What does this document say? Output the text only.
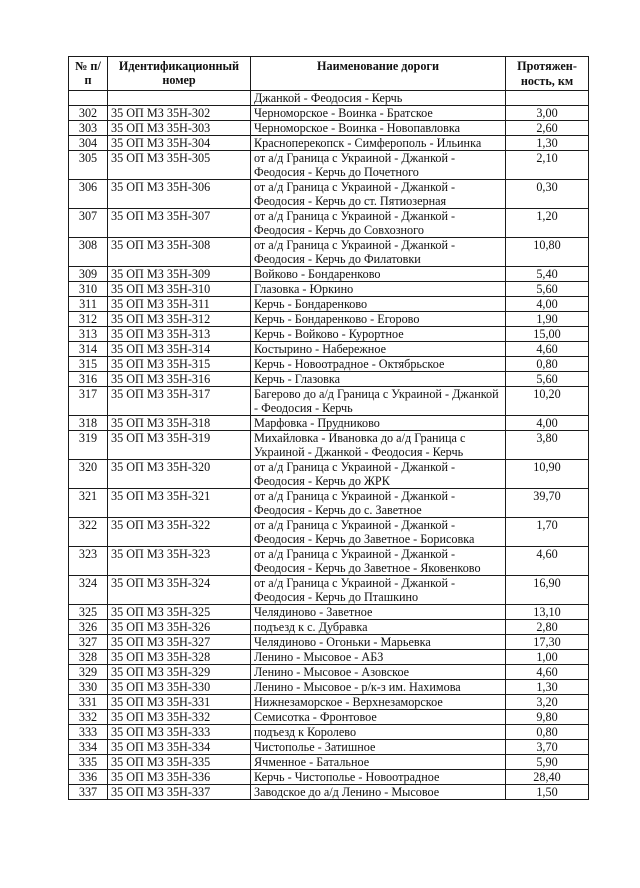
№ п/п	Идентификационный номер	Наименование дороги	Протяжен-ность, км
		Джанкой - Феодосия - Керчь	
302	35 ОП МЗ 35Н-302	Черноморское - Воинка - Братское	3,00
303	35 ОП МЗ 35Н-303	Черноморское - Воинка - Новопавловка	2,60
304	35 ОП МЗ 35Н-304	Краснoперекопск - Симферополь - Ильинка	1,30
305	35 ОП МЗ 35Н-305	от а/д Граница с Украиной - Джанкой - Феодосия - Керчь до Почетного	2,10
306	35 ОП МЗ 35Н-306	от а/д Граница с Украиной - Джанкой - Феодосия - Керчь до ст. Пятиозерная	0,30
307	35 ОП МЗ 35Н-307	от а/д Граница с Украиной - Джанкой - Феодосия - Керчь до Совхозного	1,20
308	35 ОП МЗ 35Н-308	от а/д Граница с Украиной - Джанкой - Феодосия - Керчь до Филатовки	10,80
309	35 ОП МЗ 35Н-309	Войково - Бондаренково	5,40
310	35 ОП МЗ 35Н-310	Глазовка - Юркино	5,60
311	35 ОП МЗ 35Н-311	Керчь - Бондаренково	4,00
312	35 ОП МЗ 35Н-312	Керчь - Бондаренково - Егорово	1,90
313	35 ОП МЗ 35Н-313	Керчь - Войково - Курортное	15,00
314	35 ОП МЗ 35Н-314	Костырино - Набережное	4,60
315	35 ОП МЗ 35Н-315	Керчь - Новоотрадное - Октябрьское	0,80
316	35 ОП МЗ 35Н-316	Керчь - Глазовка	5,60
317	35 ОП МЗ 35Н-317	Багерово до а/д Граница с Украиной - Джанкой - Феодосия - Керчь	10,20
318	35 ОП МЗ 35Н-318	Марфовка - Прудниково	4,00
319	35 ОП МЗ 35Н-319	Михайловка - Ивановка до а/д Граница с Украиной - Джанкой - Феодосия - Керчь	3,80
320	35 ОП МЗ 35Н-320	от а/д Граница с Украиной - Джанкой - Феодосия - Керчь до ЖРК	10,90
321	35 ОП МЗ 35Н-321	от а/д Граница с Украиной - Джанкой - Феодосия - Керчь до с. Заветное	39,70
322	35 ОП МЗ 35Н-322	от а/д Граница с Украиной - Джанкой - Феодосия - Керчь до Заветное - Борисовка	1,70
323	35 ОП МЗ 35Н-323	от а/д Граница с Украиной - Джанкой - Феодосия - Керчь до Заветное - Яковенково	4,60
324	35 ОП МЗ 35Н-324	от а/д Граница с Украиной - Джанкой - Феодосия - Керчь до Пташкино	16,90
325	35 ОП МЗ 35Н-325	Челядиново - Заветное	13,10
326	35 ОП МЗ 35Н-326	подъезд к с. Дубравка	2,80
327	35 ОП МЗ 35Н-327	Челядиново - Огоньки - Марьевка	17,30
328	35 ОП МЗ 35Н-328	Ленино - Мысовое - АБЗ	1,00
329	35 ОП МЗ 35Н-329	Ленино - Мысовое - Азовское	4,60
330	35 ОП МЗ 35Н-330	Ленино - Мысовое - р/к-з им. Нахимова	1,30
331	35 ОП МЗ 35Н-331	Нижнезаморское - Верхнезаморское	3,20
332	35 ОП МЗ 35Н-332	Семисотка - Фронтовое	9,80
333	35 ОП МЗ 35Н-333	подъезд к Королево	0,80
334	35 ОП МЗ 35Н-334	Чистополье - Затишное	3,70
335	35 ОП МЗ 35Н-335	Ячменное - Батальное	5,90
336	35 ОП МЗ 35Н-336	Керчь - Чистополье - Новоотрадное	28,40
337	35 ОП МЗ 35Н-337	Заводское до а/д Ленино - Мысовое	1,50
